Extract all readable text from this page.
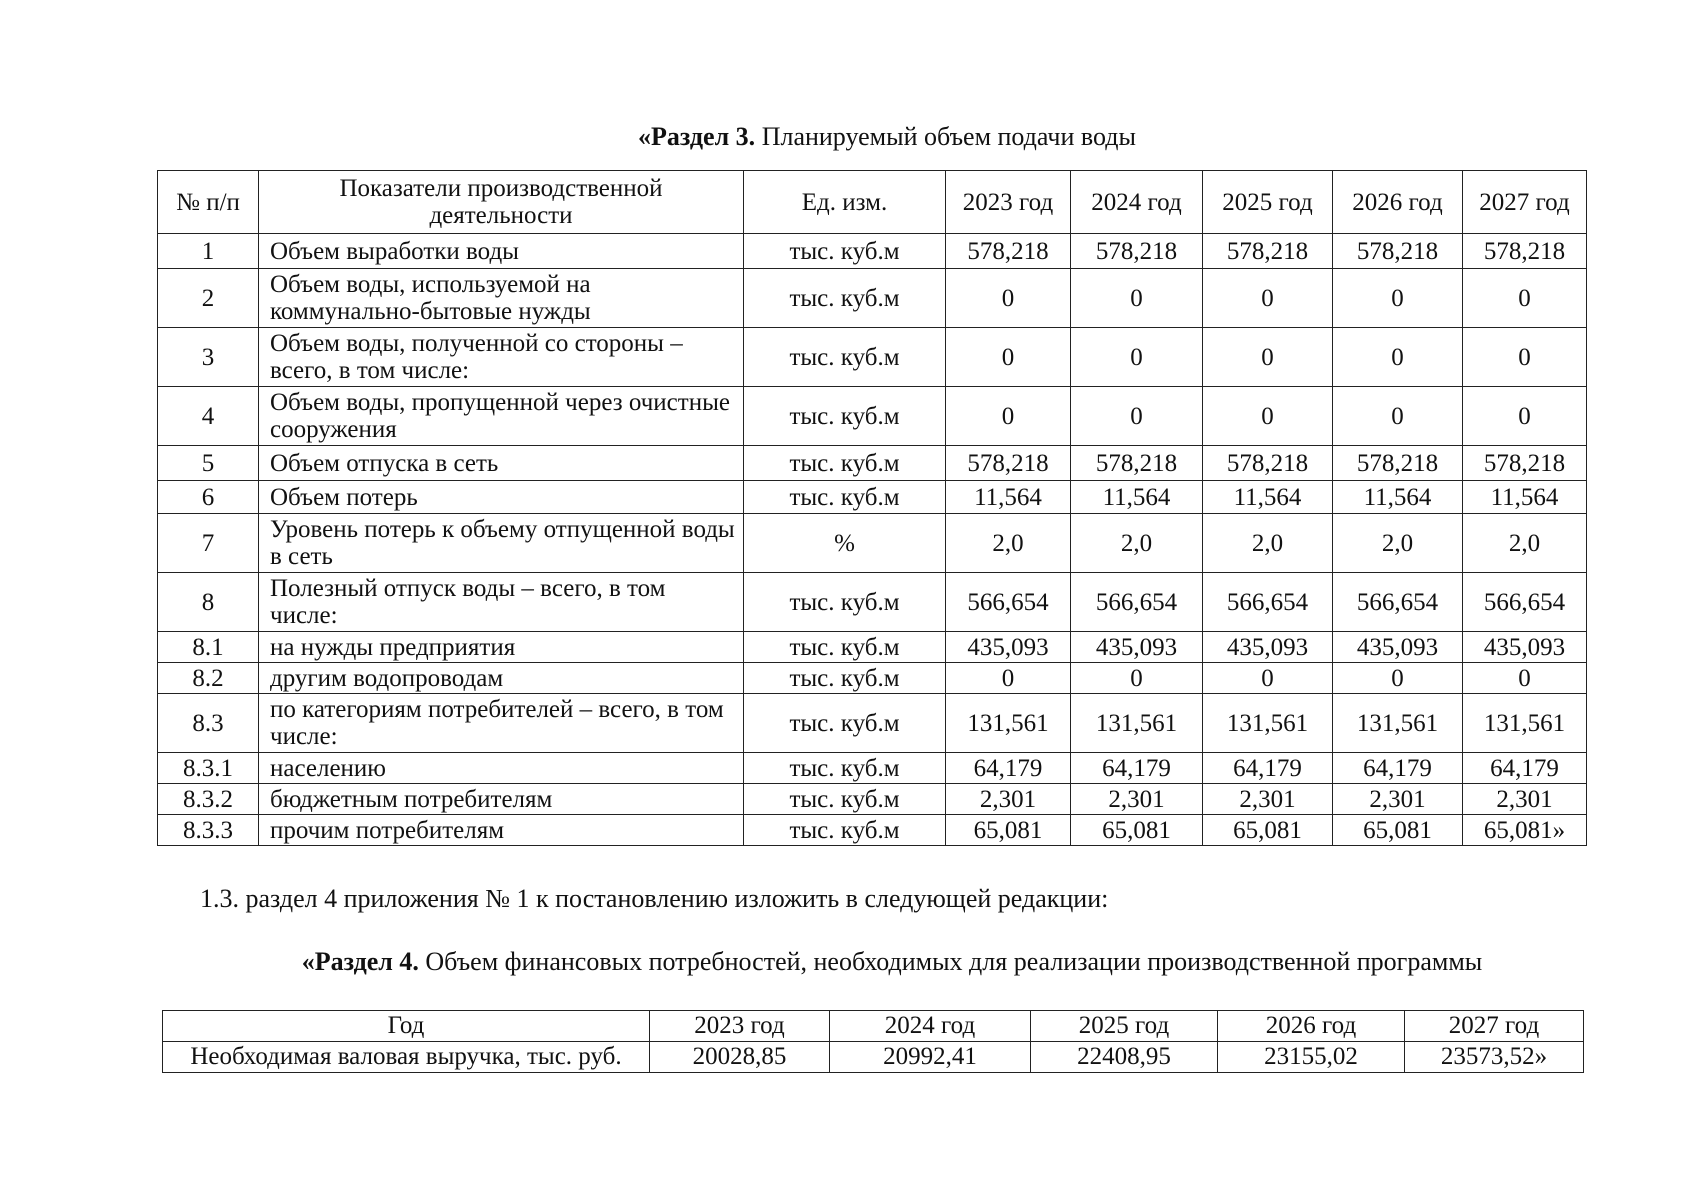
«Раздел 3. Планируемый объем подачи воды
№ п/п	Показатели производственной деятельности	Ед. изм.	2023 год	2024 год	2025 год	2026 год	2027 год
1	Объем выработки воды	тыс. куб.м	578,218	578,218	578,218	578,218	578,218
2	Объем воды, используемой на коммунально-бытовые нужды	тыс. куб.м	0	0	0	0	0
3	Объем воды, полученной со стороны – всего, в том числе:	тыс. куб.м	0	0	0	0	0
4	Объем воды, пропущенной через очистные сооружения	тыс. куб.м	0	0	0	0	0
5	Объем отпуска в сеть	тыс. куб.м	578,218	578,218	578,218	578,218	578,218
6	Объем потерь	тыс. куб.м	11,564	11,564	11,564	11,564	11,564
7	Уровень потерь к объему отпущенной воды в сеть	%	2,0	2,0	2,0	2,0	2,0
8	Полезный отпуск воды – всего, в том числе:	тыс. куб.м	566,654	566,654	566,654	566,654	566,654
8.1	на нужды предприятия	тыс. куб.м	435,093	435,093	435,093	435,093	435,093
8.2	другим водопроводам	тыс. куб.м	0	0	0	0	0
8.3	по категориям потребителей – всего, в том числе:	тыс. куб.м	131,561	131,561	131,561	131,561	131,561
8.3.1	населению	тыс. куб.м	64,179	64,179	64,179	64,179	64,179
8.3.2	бюджетным потребителям	тыс. куб.м	2,301	2,301	2,301	2,301	2,301
8.3.3	прочим потребителям	тыс. куб.м	65,081	65,081	65,081	65,081	65,081»
1.3. раздел 4 приложения № 1 к постановлению изложить в следующей редакции:
«Раздел 4. Объем финансовых потребностей, необходимых для реализации производственной программы
Год	2023 год	2024 год	2025 год	2026 год	2027 год
Необходимая валовая выручка, тыс. руб.	20028,85	20992,41	22408,95	23155,02	23573,52»
